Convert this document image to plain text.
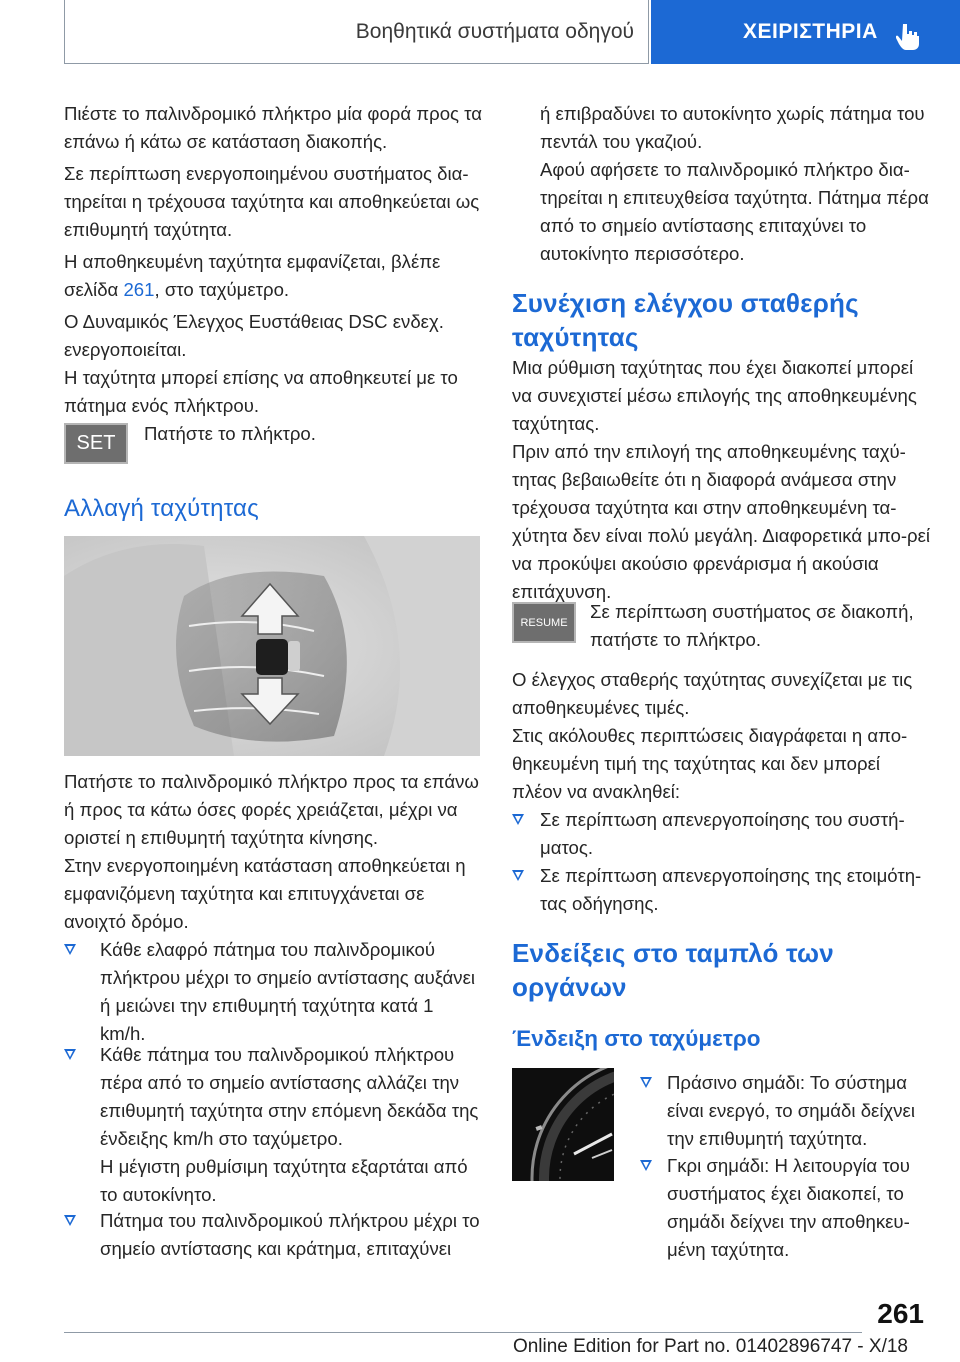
Βοηθητικά συστήματα οδηγού	ΧΕΙΡΙΣΤΗΡΙΑ

Πιέστε το παλινδρομικό πλήκτρο μία φορά προς τα επάνω ή κάτω σε κατάσταση διακοπής.

Σε περίπτωση ενεργοποιημένου συστήματος δια-τηρείται η τρέχουσα ταχύτητα και αποθηκεύεται ως επιθυμητή ταχύτητα.

Η αποθηκευμένη ταχύτητα εμφανίζεται, βλέπε σελίδα 261, στο ταχύμετρο.

Ο Δυναμικός Έλεγχος Ευστάθειας DSC ενδεχ. ενεργοποιείται.

Η ταχύτητα μπορεί επίσης να αποθηκευτεί με το πάτημα ενός πλήκτρου.

SET	Πατήστε το πλήκτρο.

Αλλαγή ταχύτητας

Πατήστε το παλινδρομικό πλήκτρο προς τα επάνω ή προς τα κάτω όσες φορές χρειάζεται, μέχρι να οριστεί η επιθυμητή ταχύτητα κίνησης.

Στην ενεργοποιημένη κατάσταση αποθηκεύεται η εμφανιζόμενη ταχύτητα και επιτυγχάνεται σε ανοιχτό δρόμο.

Κάθε ελαφρό πάτημα του παλινδρομικού πλήκτρου μέχρι το σημείο αντίστασης αυξάνει ή μειώνει την επιθυμητή ταχύτητα κατά 1 km/h.

Κάθε πάτημα του παλινδρομικού πλήκτρου πέρα από το σημείο αντίστασης αλλάζει την επιθυμητή ταχύτητα στην επόμενη δεκάδα της ένδειξης km/h στο ταχύμετρο.

Η μέγιστη ρυθμίσιμη ταχύτητα εξαρτάται από το αυτοκίνητο.

Πάτημα του παλινδρομικού πλήκτρου μέχρι το σημείο αντίστασης και κράτημα, επιταχύνει

ή επιβραδύνει το αυτοκίνητο χωρίς πάτημα του πεντάλ του γκαζιού.

Αφού αφήσετε το παλινδρομικό πλήκτρο δια-τηρείται η επιτευχθείσα ταχύτητα. Πάτημα πέρα από το σημείο αντίστασης επιταχύνει το αυτοκίνητο περισσότερο.

Συνέχιση ελέγχου σταθερής ταχύτητας

Μια ρύθμιση ταχύτητας που έχει διακοπεί μπορεί να συνεχιστεί μέσω επιλογής της αποθηκευμένης ταχύτητας.

Πριν από την επιλογή της αποθηκευμένης ταχύ-τητας βεβαιωθείτε ότι η διαφορά ανάμεσα στην τρέχουσα ταχύτητα και στην αποθηκευμένη τα-χύτητα δεν είναι πολύ μεγάλη. Διαφορετικά μπο-ρεί να προκύψει ακούσιο φρενάρισμα ή ακούσια επιτάχυνση.

RESUME

Σε περίπτωση συστήματος σε διακοπή, πατήστε το πλήκτρο.

Ο έλεγχος σταθερής ταχύτητας συνεχίζεται με τις αποθηκευμένες τιμές.

Στις ακόλουθες περιπτώσεις διαγράφεται η απο-θηκευμένη τιμή της ταχύτητας και δεν μπορεί πλέον να ανακληθεί:

Σε περίπτωση απενεργοποίησης του συστή-ματος.

Σε περίπτωση απενεργοποίησης της ετοιμότη-τας οδήγησης.

Ενδείξεις στο ταμπλό των οργάνων
Ένδειξη στο ταχύμετρο

Πράσινο σημάδι: Το σύστημα είναι ενεργό, το σημάδι δείχνει την επιθυμητή ταχύτητα.

Γκρι σημάδι: Η λειτουργία του συστήματος έχει διακοπεί, το σημάδι δείχνει την αποθηκευ-μένη ταχύτητα.

261
Online Edition for Part no. 01402896747 - X/18
